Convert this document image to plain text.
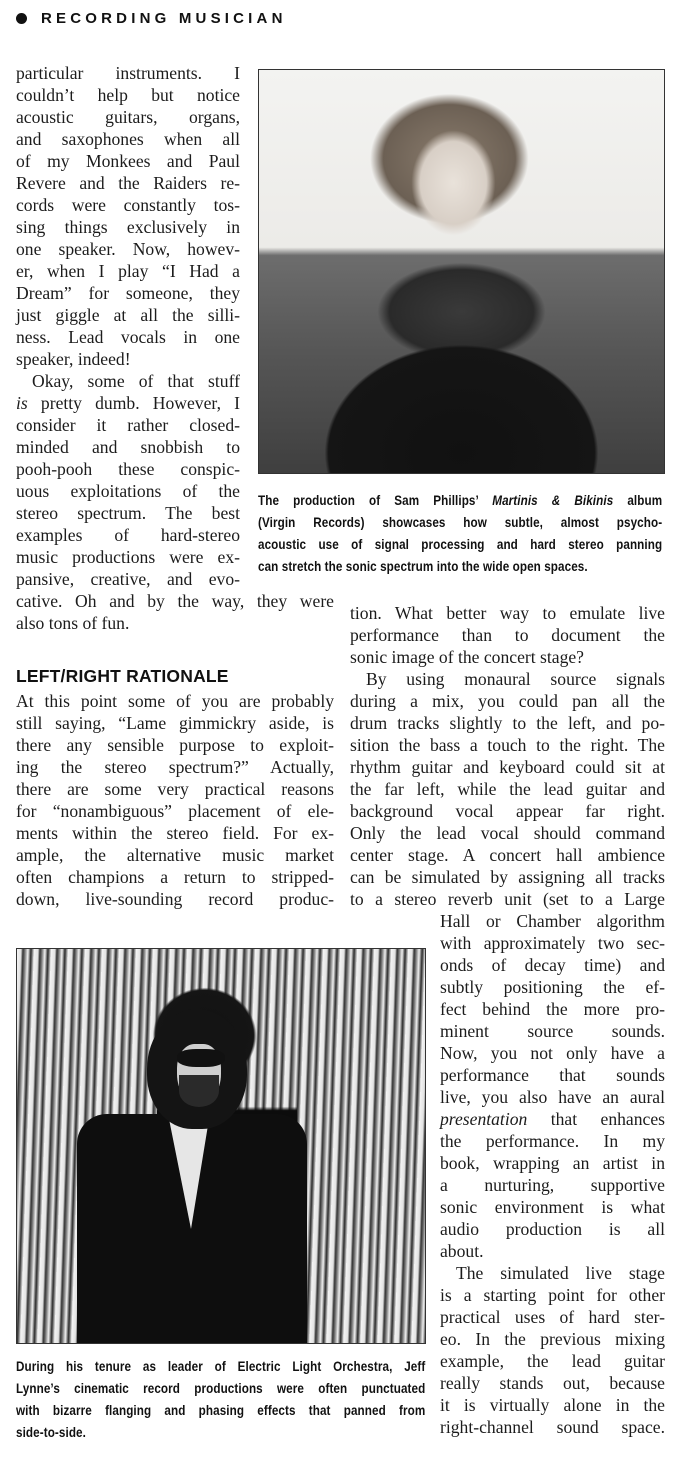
RECORDING MUSICIAN
The production of Sam Phillips’ Martinis & Bikinis album
(Virgin Records) showcases how subtle, almost psycho-
acoustic use of signal processing and hard stereo panning
can stretch the sonic spectrum into the wide open spaces.
During his tenure as leader of Electric Light Orchestra, Jeff
Lynne’s cinematic record productions were often punctuated
with bizarre flanging and phasing effects that panned from
side-to-side.
particular instruments. I
couldn’t help but notice
acoustic guitars, organs,
and saxophones when all
of my Monkees and Paul
Revere and the Raiders re-
cords were constantly tos-
sing things exclusively in
one speaker. Now, howev-
er, when I play “I Had a
Dream” for someone, they
just giggle at all the silli-
ness. Lead vocals in one
speaker, indeed!
Okay, some of that stuff
is pretty dumb. However, I
consider it rather closed-
minded and snobbish to
pooh-pooh these conspic-
uous exploitations of the
stereo spectrum. The best
examples of hard-stereo
music productions were ex-
pansive, creative, and evo-
cative. Oh and by the way, they were
also tons of fun.
At this point some of you are probably
still saying, “Lame gimmickry aside, is
there any sensible purpose to exploit-
ing the stereo spectrum?” Actually,
there are some very practical reasons
for “nonambiguous” placement of ele-
ments within the stereo field. For ex-
ample, the alternative music market
often champions a return to stripped-
down, live-sounding record produc-
tion. What better way to emulate live
performance than to document the
sonic image of the concert stage?
By using monaural source signals
during a mix, you could pan all the
drum tracks slightly to the left, and po-
sition the bass a touch to the right. The
rhythm guitar and keyboard could sit at
the far left, while the lead guitar and
background vocal appear far right.
Only the lead vocal should command
center stage. A concert hall ambience
can be simulated by assigning all tracks
to a stereo reverb unit (set to a Large
Hall or Chamber algorithm
with approximately two sec-
onds of decay time) and
subtly positioning the ef-
fect behind the more pro-
minent source sounds.
Now, you not only have a
performance that sounds
live, you also have an aural
presentation that enhances
the performance. In my
book, wrapping an artist in
a nurturing, supportive
sonic environment is what
audio production is all
about.
The simulated live stage
is a starting point for other
practical uses of hard ster-
eo. In the previous mixing
example, the lead guitar
really stands out, because
it is virtually alone in the
right-channel sound space.
LEFT/RIGHT RATIONALE
